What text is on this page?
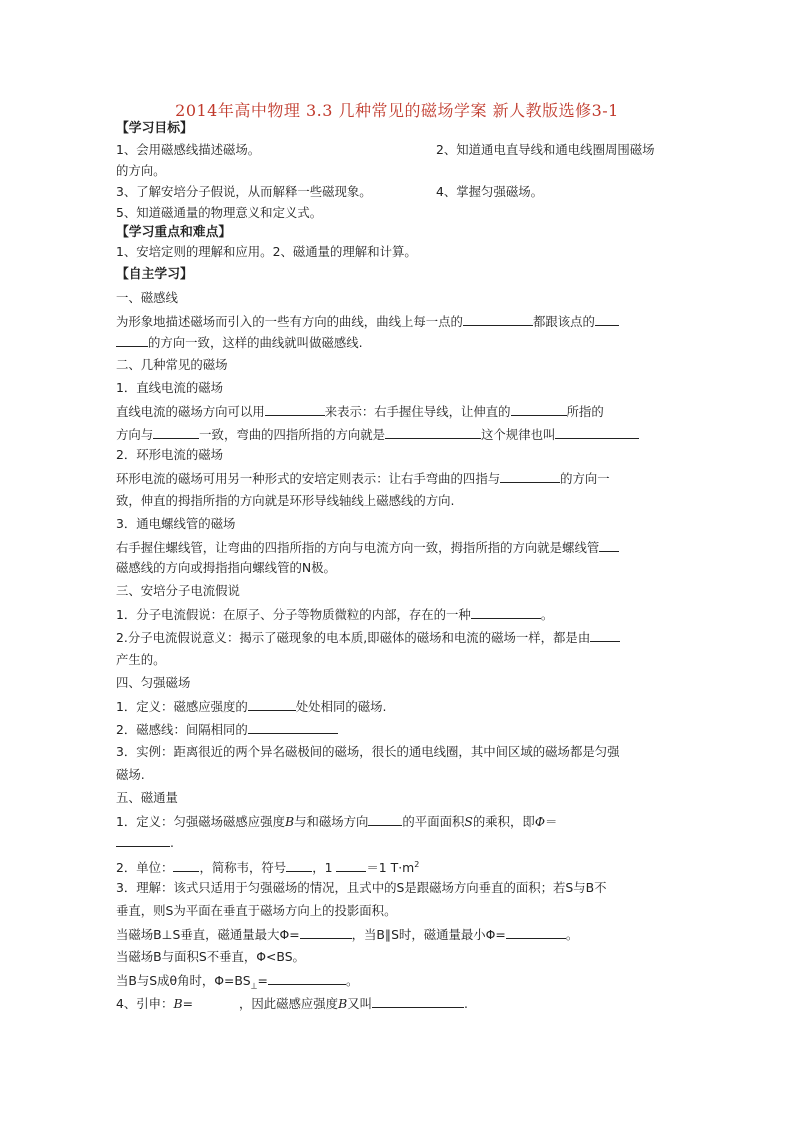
2014年高中物理 3.3 几种常见的磁场学案 新人教版选修3-1
【学习目标】
1、会用磁感线描述磁场。	2、知道通电直导线和通电线圈周围磁场
的方向。
3、了解安培分子假说，从而解释一些磁现象。	4、掌握匀强磁场。
5、知道磁通量的物理意义和定义式。
【学习重点和难点】
1、安培定则的理解和应用。2、磁通量的理解和计算。
【自主学习】
一、磁感线
为形象地描述磁场而引入的一些有方向的曲线，曲线上每一点的	都跟该点的
的方向一致，这样的曲线就叫做磁感线.
二、几种常见的磁场
1．直线电流的磁场
直线电流的磁场方向可以用	来表示：右手握住导线，让伸直的	所指的
方向与	一致，弯曲的四指所指的方向就是	这个规律也叫
2．环形电流的磁场
环形电流的磁场可用另一种形式的安培定则表示：让右手弯曲的四指与	的方向一
致，伸直的拇指所指的方向就是环形导线轴线上磁感线的方向.
3．通电螺线管的磁场
右手握住螺线管，让弯曲的四指所指的方向与电流方向一致，拇指所指的方向就是螺线管
磁感线的方向或拇指指向螺线管的N极。
三、安培分子电流假说
1．分子电流假说：在原子、分子等物质微粒的内部，存在的一种	。
2.分子电流假说意义：揭示了磁现象的电本质,即磁体的磁场和电流的磁场一样，都是由
产生的。
四、匀强磁场
1．定义：磁感应强度的	处处相同的磁场.
2．磁感线：间隔相同的
3．实例：距离很近的两个异名磁极间的磁场，很长的通电线圈，其中间区域的磁场都是匀强
磁场.
五、磁通量
1．定义：匀强磁场磁感应强度B与和磁场方向	的平面面积S的乘积，即Φ＝
.
2．单位： ，简称韦，符号 ，1	＝1 $T\cdot m^2$
3．理解：该式只适用于匀强磁场的情况，且式中的S是跟磁场方向垂直的面积；若S与B不
垂直，则S为平面在垂直于磁场方向上的投影面积。
当磁场B⊥S垂直，磁通量最大Φ=	，当B∥S时，磁通量最小Φ=	。
当磁场B与面积S不垂直，Φ<BS。
当B与S成θ角时，$\Phi=BS_\perp=$	。
4、引申：B=	，因此磁感应强度B又叫	.
